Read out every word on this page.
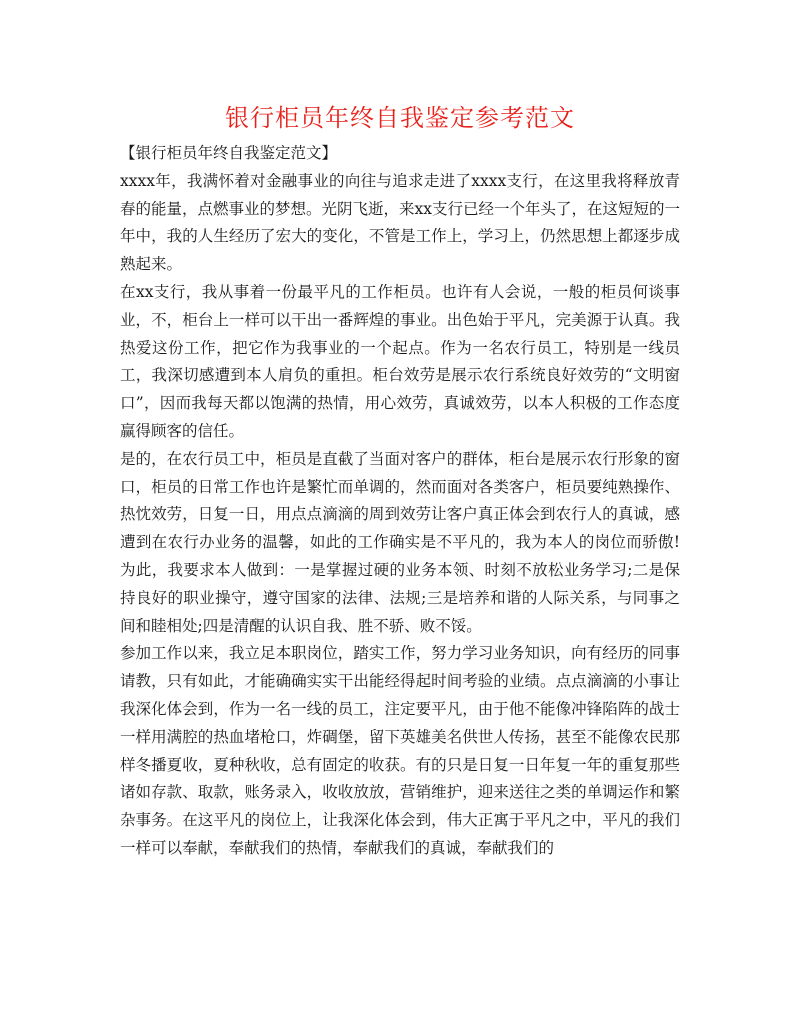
银行柜员年终自我鉴定参考范文

【银行柜员年终自我鉴定范文】

xxxx年，我满怀着对金融事业的向往与追求走进了xxxx支行，在这里我将释放青春的能量，点燃事业的梦想。光阴飞逝，来xx支行已经一个年头了，在这短短的一年中，我的人生经历了宏大的变化，不管是工作上，学习上，仍然思想上都逐步成熟起来。

在xx支行，我从事着一份最平凡的工作柜员。也许有人会说，一般的柜员何谈事业，不，柜台上一样可以干出一番辉煌的事业。出色始于平凡，完美源于认真。我热爱这份工作，把它作为我事业的一个起点。作为一名农行员工，特别是一线员工，我深切感遭到本人肩负的重担。柜台效劳是展示农行系统良好效劳的“文明窗口”，因而我每天都以饱满的热情，用心效劳，真诚效劳，以本人积极的工作态度赢得顾客的信任。

是的，在农行员工中，柜员是直截了当面对客户的群体，柜台是展示农行形象的窗口，柜员的日常工作也许是繁忙而单调的，然而面对各类客户，柜员要纯熟操作、热忱效劳，日复一日，用点点滴滴的周到效劳让客户真正体会到农行人的真诚，感遭到在农行办业务的温馨，如此的工作确实是不平凡的，我为本人的岗位而骄傲!为此，我要求本人做到：一是掌握过硬的业务本领、时刻不放松业务学习;二是保持良好的职业操守，遵守国家的法律、法规;三是培养和谐的人际关系，与同事之间和睦相处;四是清醒的认识自我、胜不骄、败不馁。

参加工作以来，我立足本职岗位，踏实工作，努力学习业务知识，向有经历的同事请教，只有如此，才能确确实实干出能经得起时间考验的业绩。点点滴滴的小事让我深化体会到，作为一名一线的员工，注定要平凡，由于他不能像冲锋陷阵的战士一样用满腔的热血堵枪口，炸碉堡，留下英雄美名供世人传扬，甚至不能像农民那样冬播夏收，夏种秋收，总有固定的收获。有的只是日复一日年复一年的重复那些诸如存款、取款，账务录入，收收放放，营销维护，迎来送往之类的单调运作和繁杂事务。在这平凡的岗位上，让我深化体会到，伟大正寓于平凡之中，平凡的我们一样可以奉献，奉献我们的热情，奉献我们的真诚，奉献我们的
